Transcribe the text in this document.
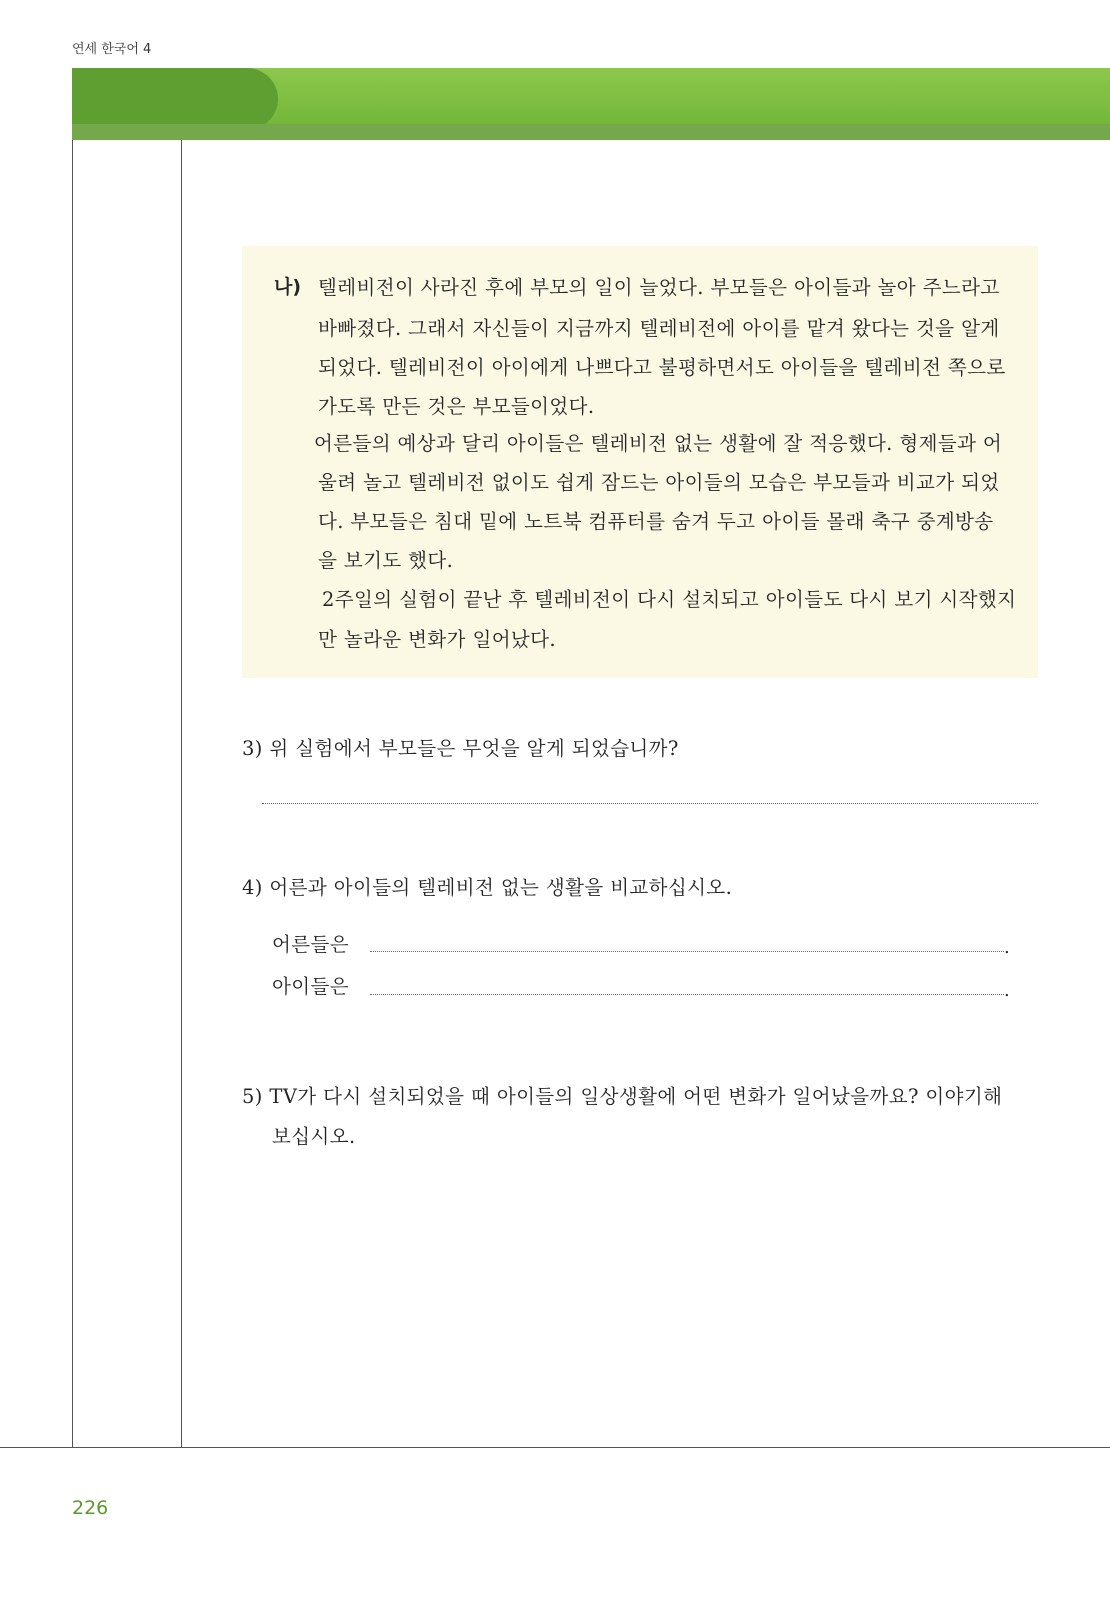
연세 한국어 4
나) 텔레비전이 사라진 후에 부모의 일이 늘었다. 부모들은 아이들과 놀아 주느라고
바빠졌다. 그래서 자신들이 지금까지 텔레비전에 아이를 맡겨 왔다는 것을 알게
되었다. 텔레비전이 아이에게 나쁘다고 불평하면서도 아이들을 텔레비전 쪽으로
가도록 만든 것은 부모들이었다.
어른들의 예상과 달리 아이들은 텔레비전 없는 생활에 잘 적응했다. 형제들과 어
울려 놀고 텔레비전 없이도 쉽게 잠드는 아이들의 모습은 부모들과 비교가 되었
다. 부모들은 침대 밑에 노트북 컴퓨터를 숨겨 두고 아이들 몰래 축구 중계방송
을 보기도 했다.
2주일의 실험이 끝난 후 텔레비전이 다시 설치되고 아이들도 다시 보기 시작했지
만 놀라운 변화가 일어났다.
3) 위 실험에서 부모들은 무엇을 알게 되었습니까?
4) 어른과 아이들의 텔레비전 없는 생활을 비교하십시오.
어른들은	.
아이들은	.
5) TV가 다시 설치되었을 때 아이들의 일상생활에 어떤 변화가 일어났을까요? 이야기해
보십시오.
226
